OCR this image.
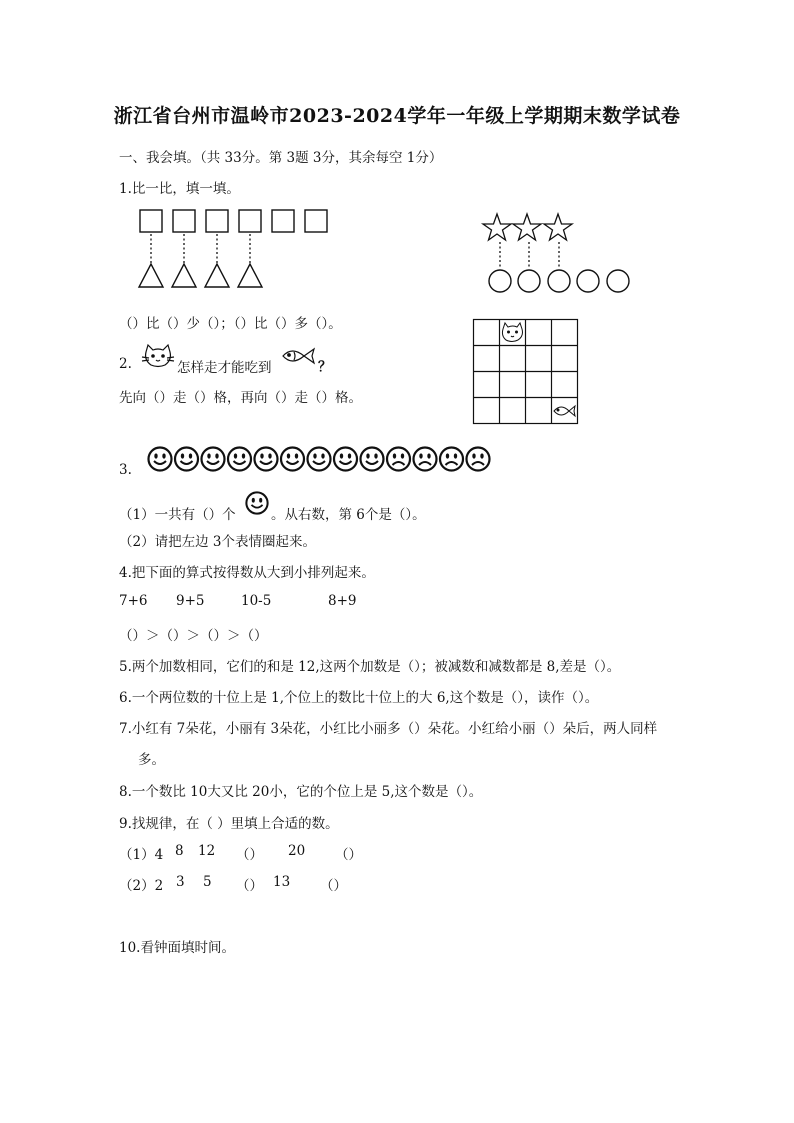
浙江省台州市温岭市2023-2024学年一年级上学期期末数学试卷
一、我会填。（共 33分。第 3题 3分，其余每空 1分）
1.比一比，填一填。
（）比（）少（）；（）比（）多（）。
2.	怎样走才能吃到	？
先向（）走（）格，再向（）走（）格。
3.
（1）一共有（）个	。从右数，第 6个是（）。
（2）请把左边 3个表情圈起来。
4.把下面的算式按得数从大到小排列起来。
7+6 9+5	10-5	8+9
（）＞（）＞（）＞（）
5.两个加数相同，它们的和是 12,这两个加数是（）；被减数和减数都是 8,差是（）。
6.一个两位数的十位上是 1,个位上的数比十位上的大 6,这个数是（），读作（）。
7.小红有 7朵花，小丽有 3朵花，小红比小丽多（）朵花。小红给小丽（）朵后，两人同样
多。
8.一个数比 10大又比 20小，它的个位上是 5,这个数是（）。
9.找规律，在（ ）里填上合适的数。
（1）4 8 12 （） 20 （）
（2）2 3 5 （） 13 （）
10.看钟面填时间。
